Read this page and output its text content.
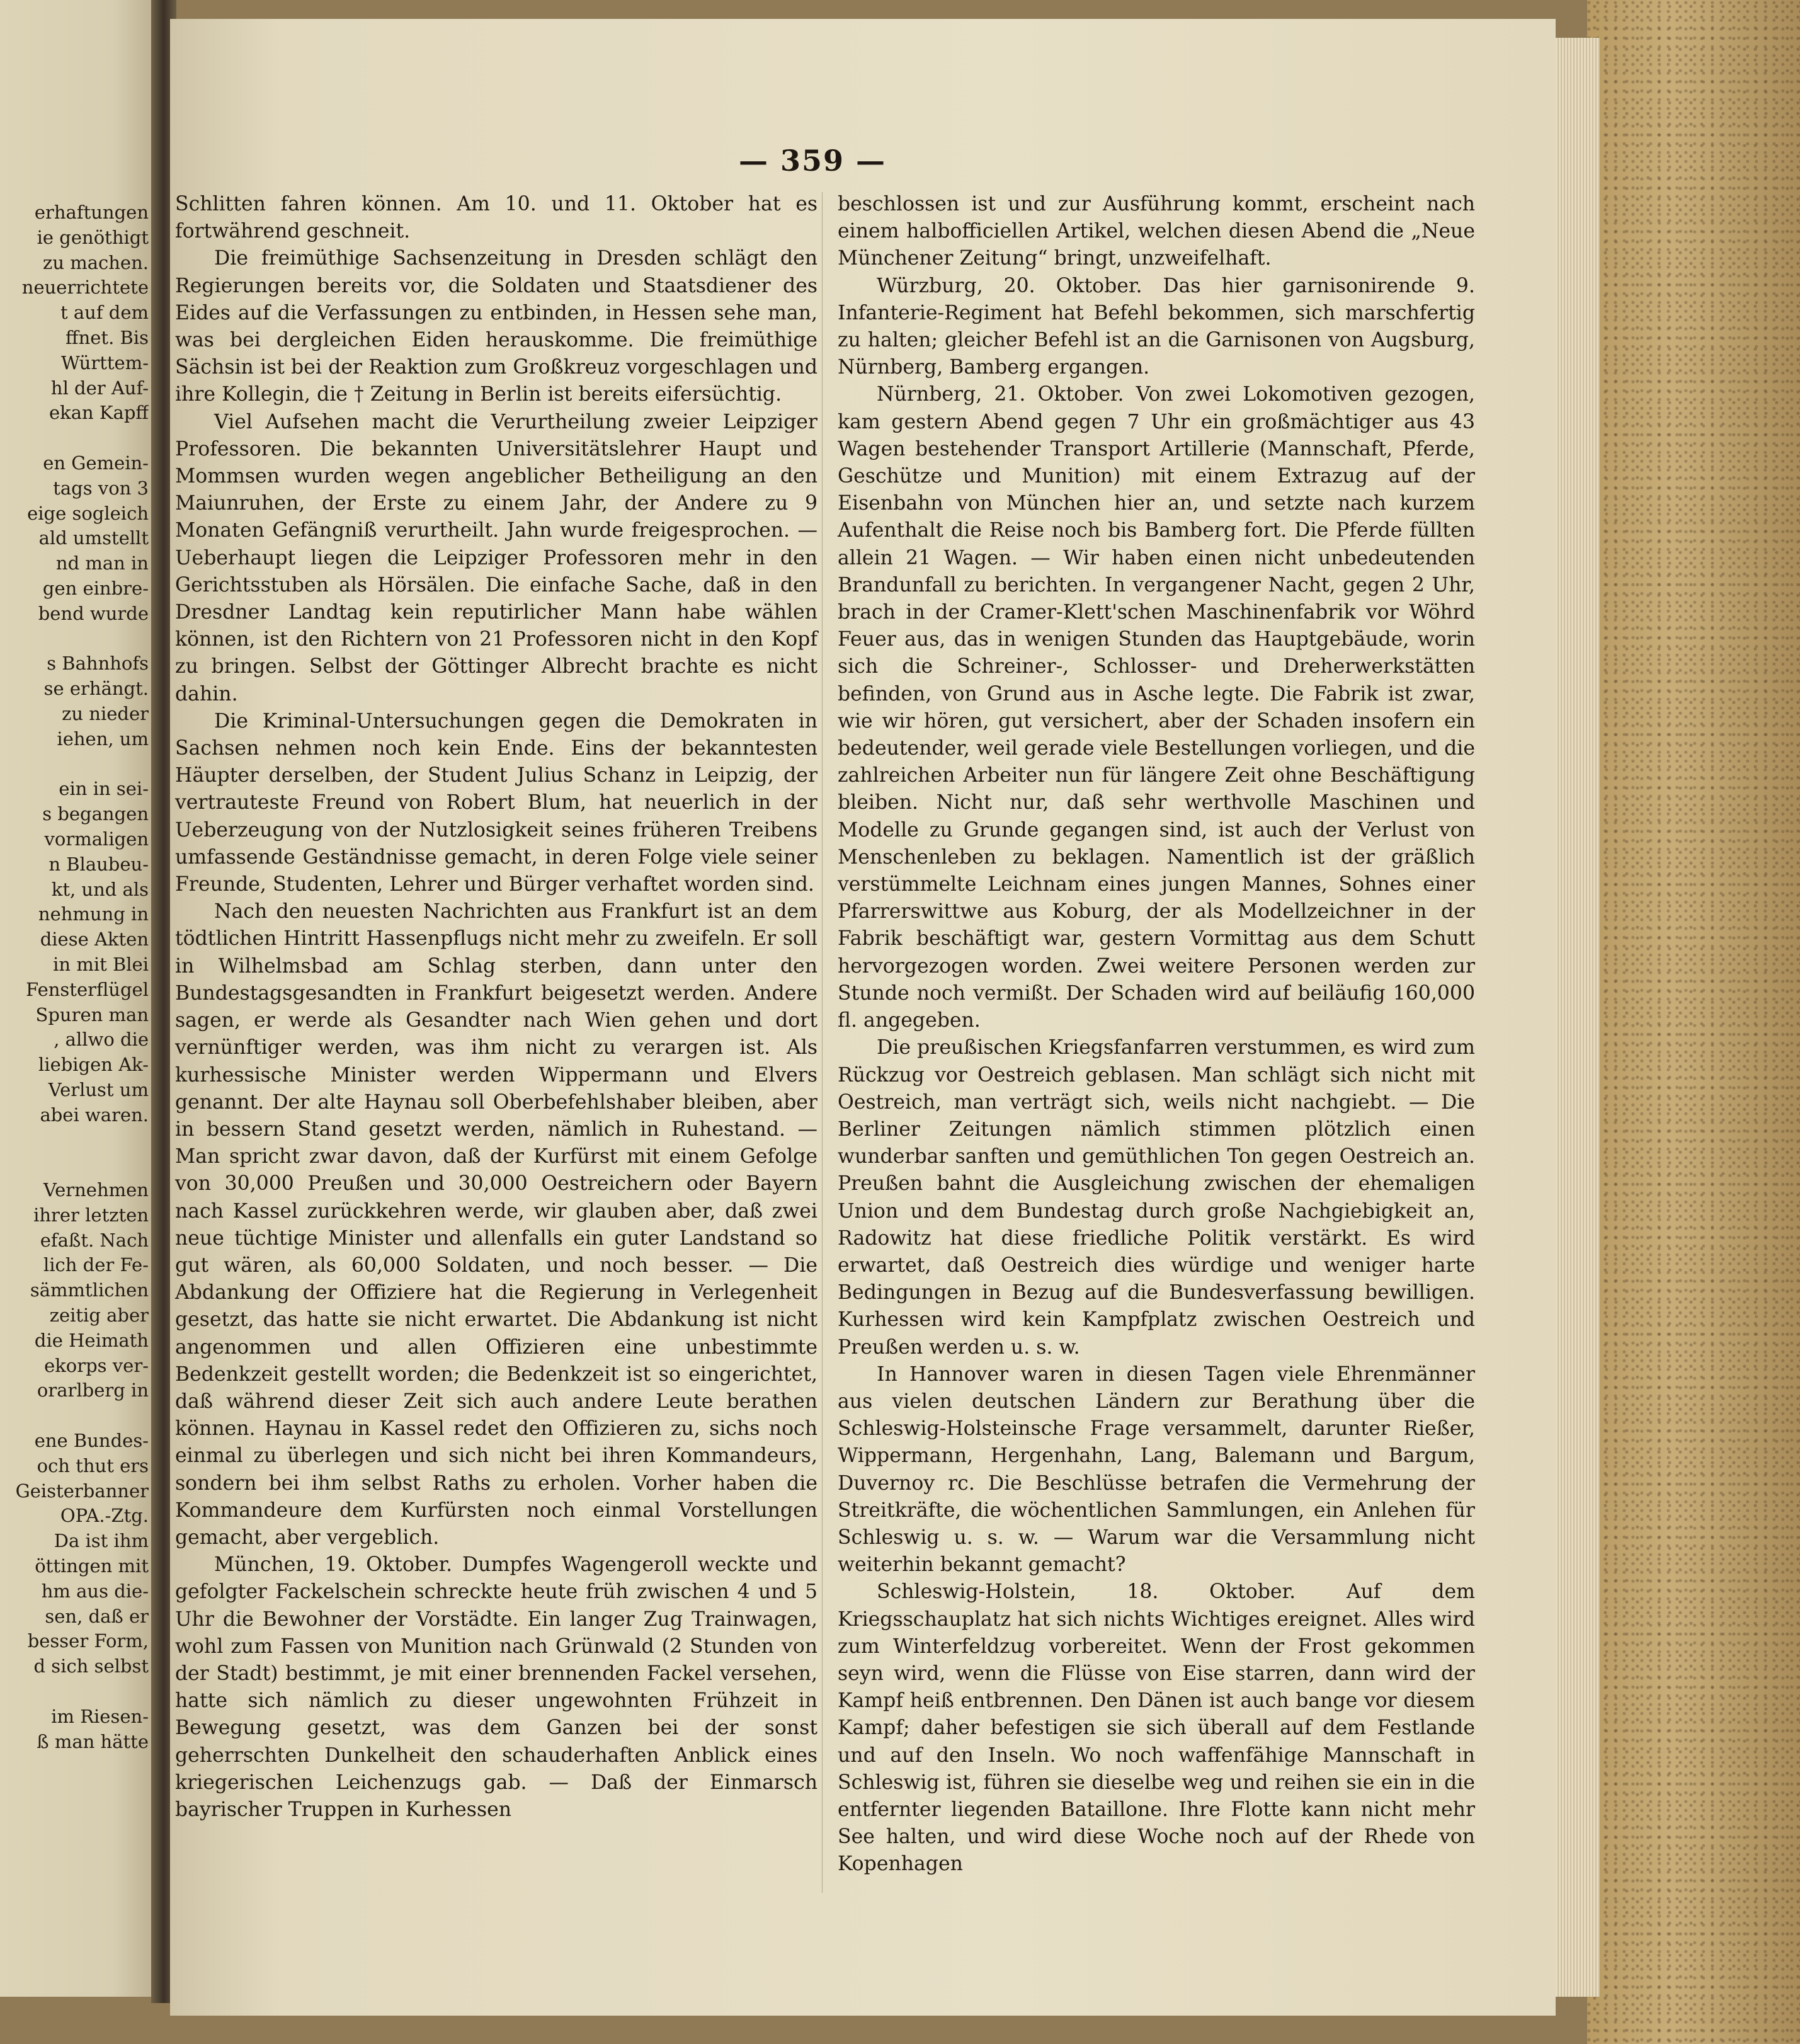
erhaftungen
ie genöthigt
zu machen.
neuerrichtete
t auf dem
ffnet. Bis
Württem-
hl der Auf-
ekan Kapff
en Gemein-
tags von 3
eige sogleich
ald umstellt
nd man in
gen einbre-
bend wurde
s Bahnhofs
se erhängt.
zu nieder
iehen, um
ein in sei-
s begangen
vormaligen
n Blaubeu-
kt, und als
nehmung in
diese Akten
in mit Blei
Fensterflügel
Spuren man
, allwo die
liebigen Ak-
Verlust um
abei waren.
Vernehmen
ihrer letzten
efaßt. Nach
lich der Fe-
sämmtlichen
zeitig aber
die Heimath
ekorps ver-
orarlberg in
ene Bundes-
och thut ers
Geisterbanner
OPA.-Ztg.
Da ist ihm
öttingen mit
hm aus die-
sen, daß er
besser Form,
d sich selbst
im Riesen-
ß man hätte
— 359 —

Schlitten fahren können. Am 10. und 11. Oktober hat es fortwährend geschneit.

Die freimüthige Sachsenzeitung in Dresden schlägt den Regierungen bereits vor, die Soldaten und Staatsdiener des Eides auf die Verfassungen zu entbinden, in Hessen sehe man, was bei dergleichen Eiden herauskomme. Die freimüthige Sächsin ist bei der Reaktion zum Großkreuz vorgeschlagen und ihre Kollegin, die † Zeitung in Berlin ist bereits eifersüchtig.

Viel Aufsehen macht die Verurtheilung zweier Leipziger Professoren. Die bekannten Universitätslehrer Haupt und Mommsen wurden wegen angeblicher Betheiligung an den Maiunruhen, der Erste zu einem Jahr, der Andere zu 9 Monaten Gefängniß verurtheilt. Jahn wurde freigesprochen. — Ueberhaupt liegen die Leipziger Professoren mehr in den Gerichtsstuben als Hörsälen. Die einfache Sache, daß in den Dresdner Landtag kein reputirlicher Mann habe wählen können, ist den Richtern von 21 Professoren nicht in den Kopf zu bringen. Selbst der Göttinger Albrecht brachte es nicht dahin.

Die Kriminal-Untersuchungen gegen die Demokraten in Sachsen nehmen noch kein Ende. Eins der bekanntesten Häupter derselben, der Student Julius Schanz in Leipzig, der vertrauteste Freund von Robert Blum, hat neuerlich in der Ueberzeugung von der Nutzlosigkeit seines früheren Treibens umfassende Geständnisse gemacht, in deren Folge viele seiner Freunde, Studenten, Lehrer und Bürger verhaftet worden sind.

Nach den neuesten Nachrichten aus Frankfurt ist an dem tödtlichen Hintritt Hassenpflugs nicht mehr zu zweifeln. Er soll in Wilhelmsbad am Schlag sterben, dann unter den Bundestagsgesandten in Frankfurt beigesetzt werden. Andere sagen, er werde als Gesandter nach Wien gehen und dort vernünftiger werden, was ihm nicht zu verargen ist. Als kurhessische Minister werden Wippermann und Elvers genannt. Der alte Haynau soll Oberbefehlshaber bleiben, aber in bessern Stand gesetzt werden, nämlich in Ruhestand. — Man spricht zwar davon, daß der Kurfürst mit einem Gefolge von 30,000 Preußen und 30,000 Oestreichern oder Bayern nach Kassel zurückkehren werde, wir glauben aber, daß zwei neue tüchtige Minister und allenfalls ein guter Landstand so gut wären, als 60,000 Soldaten, und noch besser. — Die Abdankung der Offiziere hat die Regierung in Verlegenheit gesetzt, das hatte sie nicht erwartet. Die Abdankung ist nicht angenommen und allen Offizieren eine unbestimmte Bedenkzeit gestellt worden; die Bedenkzeit ist so eingerichtet, daß während dieser Zeit sich auch andere Leute berathen können. Haynau in Kassel redet den Offizieren zu, sichs noch einmal zu überlegen und sich nicht bei ihren Kommandeurs, sondern bei ihm selbst Raths zu erholen. Vorher haben die Kommandeure dem Kurfürsten noch einmal Vorstellungen gemacht, aber vergeblich.

München, 19. Oktober. Dumpfes Wagengeroll weckte und gefolgter Fackelschein schreckte heute früh zwischen 4 und 5 Uhr die Bewohner der Vorstädte. Ein langer Zug Trainwagen, wohl zum Fassen von Munition nach Grünwald (2 Stunden von der Stadt) bestimmt, je mit einer brennenden Fackel versehen, hatte sich nämlich zu dieser ungewohnten Frühzeit in Bewegung gesetzt, was dem Ganzen bei der sonst geherrschten Dunkelheit den schauderhaften Anblick eines kriegerischen Leichenzugs gab. — Daß der Einmarsch bayrischer Truppen in Kurhessen

beschlossen ist und zur Ausführung kommt, erscheint nach einem halbofficiellen Artikel, welchen diesen Abend die „Neue Münchener Zeitung“ bringt, unzweifelhaft.

Würzburg, 20. Oktober. Das hier garnisonirende 9. Infanterie-Regiment hat Befehl bekommen, sich marschfertig zu halten; gleicher Befehl ist an die Garnisonen von Augsburg, Nürnberg, Bamberg ergangen.

Nürnberg, 21. Oktober. Von zwei Lokomotiven gezogen, kam gestern Abend gegen 7 Uhr ein großmächtiger aus 43 Wagen bestehender Transport Artillerie (Mannschaft, Pferde, Geschütze und Munition) mit einem Extrazug auf der Eisenbahn von München hier an, und setzte nach kurzem Aufenthalt die Reise noch bis Bamberg fort. Die Pferde füllten allein 21 Wagen. — Wir haben einen nicht unbedeutenden Brandunfall zu berichten. In vergangener Nacht, gegen 2 Uhr, brach in der Cramer-Klett'schen Maschinenfabrik vor Wöhrd Feuer aus, das in wenigen Stunden das Hauptgebäude, worin sich die Schreiner-, Schlosser- und Dreherwerkstätten befinden, von Grund aus in Asche legte. Die Fabrik ist zwar, wie wir hören, gut versichert, aber der Schaden insofern ein bedeutender, weil gerade viele Bestellungen vorliegen, und die zahlreichen Arbeiter nun für längere Zeit ohne Beschäftigung bleiben. Nicht nur, daß sehr werthvolle Maschinen und Modelle zu Grunde gegangen sind, ist auch der Verlust von Menschenleben zu beklagen. Namentlich ist der gräßlich verstümmelte Leichnam eines jungen Mannes, Sohnes einer Pfarrerswittwe aus Koburg, der als Modellzeichner in der Fabrik beschäftigt war, gestern Vormittag aus dem Schutt hervorgezogen worden. Zwei weitere Personen werden zur Stunde noch vermißt. Der Schaden wird auf beiläufig 160,000 fl. angegeben.

Die preußischen Kriegsfanfarren verstummen, es wird zum Rückzug vor Oestreich geblasen. Man schlägt sich nicht mit Oestreich, man verträgt sich, weils nicht nachgiebt. — Die Berliner Zeitungen nämlich stimmen plötzlich einen wunderbar sanften und gemüthlichen Ton gegen Oestreich an. Preußen bahnt die Ausgleichung zwischen der ehemaligen Union und dem Bundestag durch große Nachgiebigkeit an, Radowitz hat diese friedliche Politik verstärkt. Es wird erwartet, daß Oestreich dies würdige und weniger harte Bedingungen in Bezug auf die Bundesverfassung bewilligen. Kurhessen wird kein Kampfplatz zwischen Oestreich und Preußen werden u. s. w.

In Hannover waren in diesen Tagen viele Ehrenmänner aus vielen deutschen Ländern zur Berathung über die Schleswig-Holsteinsche Frage versammelt, darunter Rießer, Wippermann, Hergenhahn, Lang, Balemann und Bargum, Duvernoy rc. Die Beschlüsse betrafen die Vermehrung der Streitkräfte, die wöchentlichen Sammlungen, ein Anlehen für Schleswig u. s. w. — Warum war die Versammlung nicht weiterhin bekannt gemacht?

Schleswig-Holstein, 18. Oktober. Auf dem Kriegsschauplatz hat sich nichts Wichtiges ereignet. Alles wird zum Winterfeldzug vorbereitet. Wenn der Frost gekommen seyn wird, wenn die Flüsse von Eise starren, dann wird der Kampf heiß entbrennen. Den Dänen ist auch bange vor diesem Kampf; daher befestigen sie sich überall auf dem Festlande und auf den Inseln. Wo noch waffenfähige Mannschaft in Schleswig ist, führen sie dieselbe weg und reihen sie ein in die entfernter liegenden Bataillone. Ihre Flotte kann nicht mehr See halten, und wird diese Woche noch auf der Rhede von Kopenhagen
